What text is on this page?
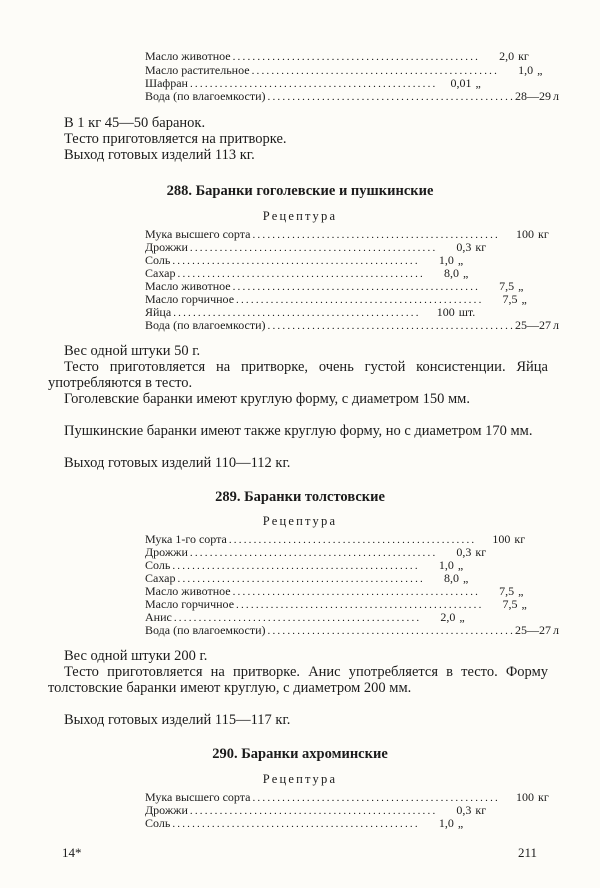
Масло животное ..................................................	2,0 кг
Масло растительное ..................................................	1,0 „
Шафран ..................................................	0,01 „
Вода (по влагоемкости) .................................................. 28—29 л

В 1 кг 45—50 баранок.

Тесто приготовляется на притворке.

Выход готовых изделий 113 кг.

288. Баранки гоголевские и пушкинские
Рецептура
Мука высшего сорта ..................................................	100 кг
Дрожжи ..................................................	0,3 кг
Соль ..................................................	1,0 „
Сахар ..................................................	8,0 „
Масло животное ..................................................	7,5 „
Масло горчичное ..................................................	7,5 „
Яйца ..................................................	100 шт.
Вода (по влагоемкости) .................................................. 25—27 л

Вес одной штуки 50 г.

Тесто приготовляется на притворке, очень густой консистенции. Яйца употребляются в тесто.

Гоголевские баранки имеют круглую форму, с диаметром 150 мм.

Пушкинские баранки имеют также круглую форму, но с диаметром 170 мм.

Выход готовых изделий 110—112 кг.

289. Баранки толстовские
Рецептура
Мука 1-го сорта ..................................................	100 кг
Дрожжи ..................................................	0,3 кг
Соль ..................................................	1,0 „
Сахар ..................................................	8,0 „
Масло животное ..................................................	7,5 „
Масло горчичное ..................................................	7,5 „
Анис ..................................................	2,0 „
Вода (по влагоемкости) .................................................. 25—27 л

Вес одной штуки 200 г.

Тесто приготовляется на притворке. Анис употребляется в тесто. Форму толстовские баранки имеют круглую, с диаметром 200 мм.

Выход готовых изделий 115—117 кг.

290. Баранки ахроминские
Рецептура
Мука высшего сорта ..................................................	100 кг
Дрожжи ..................................................	0,3 кг
Соль ..................................................	1,0 „
14*	211
